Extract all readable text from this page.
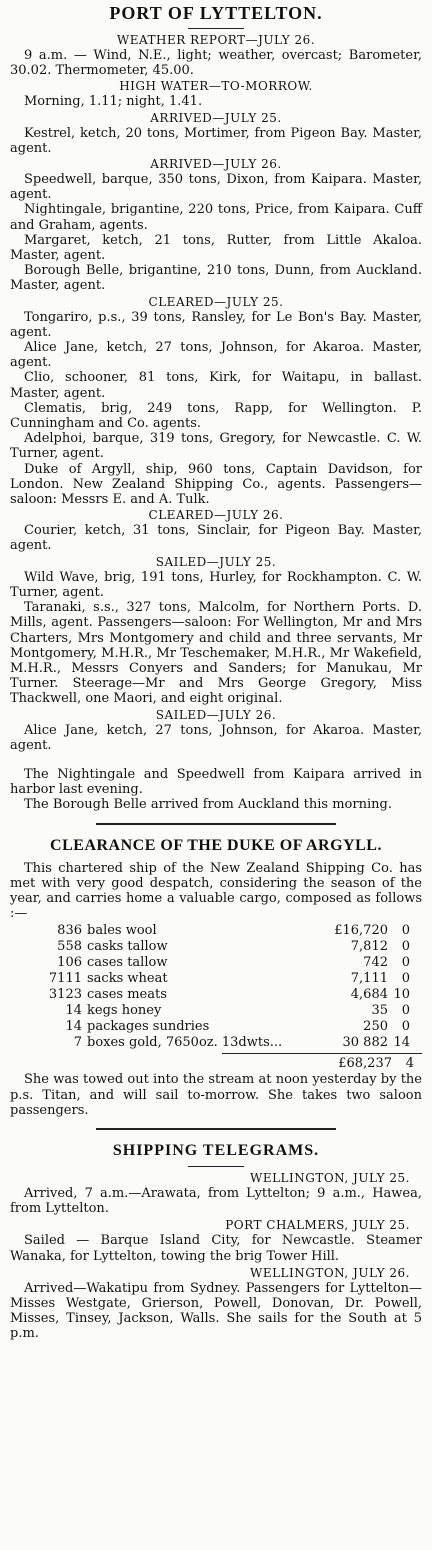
PORT OF LYTTELTON.
WEATHER REPORT—JULY 26.

9 a.m. — Wind, N.E., light; weather, overcast; Barometer, 30.02. Thermometer, 45.00.

HIGH WATER—TO-MORROW.

Morning, 1.11; night, 1.41.

ARRIVED—JULY 25.

Kestrel, ketch, 20 tons, Mortimer, from Pigeon Bay. Master, agent.

ARRIVED—JULY 26.

Speedwell, barque, 350 tons, Dixon, from Kaipara. Master, agent.

Nightingale, brigantine, 220 tons, Price, from Kaipara. Cuff and Graham, agents.

Margaret, ketch, 21 tons, Rutter, from Little Akaloa. Master, agent.

Borough Belle, brigantine, 210 tons, Dunn, from Auckland. Master, agent.

CLEARED—JULY 25.

Tongariro, p.s., 39 tons, Ransley, for Le Bon's Bay. Master, agent.

Alice Jane, ketch, 27 tons, Johnson, for Akaroa. Master, agent.

Clio, schooner, 81 tons, Kirk, for Waitapu, in ballast. Master, agent.

Clematis, brig, 249 tons, Rapp, for Wellington. P. Cunningham and Co. agents.

Adelphoi, barque, 319 tons, Gregory, for Newcastle. C. W. Turner, agent.

Duke of Argyll, ship, 960 tons, Captain Davidson, for London. New Zealand Shipping Co., agents. Passengers—saloon: Messrs E. and A. Tulk.

CLEARED—JULY 26.

Courier, ketch, 31 tons, Sinclair, for Pigeon Bay. Master, agent.

SAILED—JULY 25.

Wild Wave, brig, 191 tons, Hurley, for Rockhampton. C. W. Turner, agent.

Taranaki, s.s., 327 tons, Malcolm, for Northern Ports. D. Mills, agent. Passengers—saloon: For Wellington, Mr and Mrs Charters, Mrs Montgomery and child and three servants, Mr Montgomery, M.H.R., Mr Teschemaker, M.H.R., Mr Wakefield, M.H.R., Messrs Conyers and Sanders; for Manukau, Mr Turner. Steerage—Mr and Mrs George Gregory, Miss Thackwell, one Maori, and eight original.

SAILED—JULY 26.

Alice Jane, ketch, 27 tons, Johnson, for Akaroa. Master, agent.

The Nightingale and Speedwell from Kaipara arrived in harbor last evening.

The Borough Belle arrived from Auckland this morning.

CLEARANCE OF THE DUKE OF ARGYLL.

This chartered ship of the New Zealand Shipping Co. has met with very good despatch, considering the season of the year, and carries home a valuable cargo, composed as follows :—

836 bales wool	£16,720	0
558 casks tallow	7,812	0
106 cases tallow	742	0
7111 sacks wheat	7,111	0
3123 cases meats	4,684 10
14 kegs honey	35	0
14 packages sundries	250	0
7 boxes gold, 7650oz. 13dwts...	30 882 14
£68,237	4

She was towed out into the stream at noon yesterday by the p.s. Titan, and will sail to-morrow. She takes two saloon passengers.

SHIPPING TELEGRAMS.
WELLINGTON, JULY 25.

Arrived, 7 a.m.—Arawata, from Lyttelton; 9 a.m., Hawea, from Lyttelton.

PORT CHALMERS, JULY 25.

Sailed — Barque Island City, for Newcastle. Steamer Wanaka, for Lyttelton, towing the brig Tower Hill.

WELLINGTON, JULY 26.

Arrived—Wakatipu from Sydney. Passengers for Lyttelton—Misses Westgate, Grierson, Powell, Donovan, Dr. Powell, Misses, Tinsey, Jackson, Walls. She sails for the South at 5 p.m.
